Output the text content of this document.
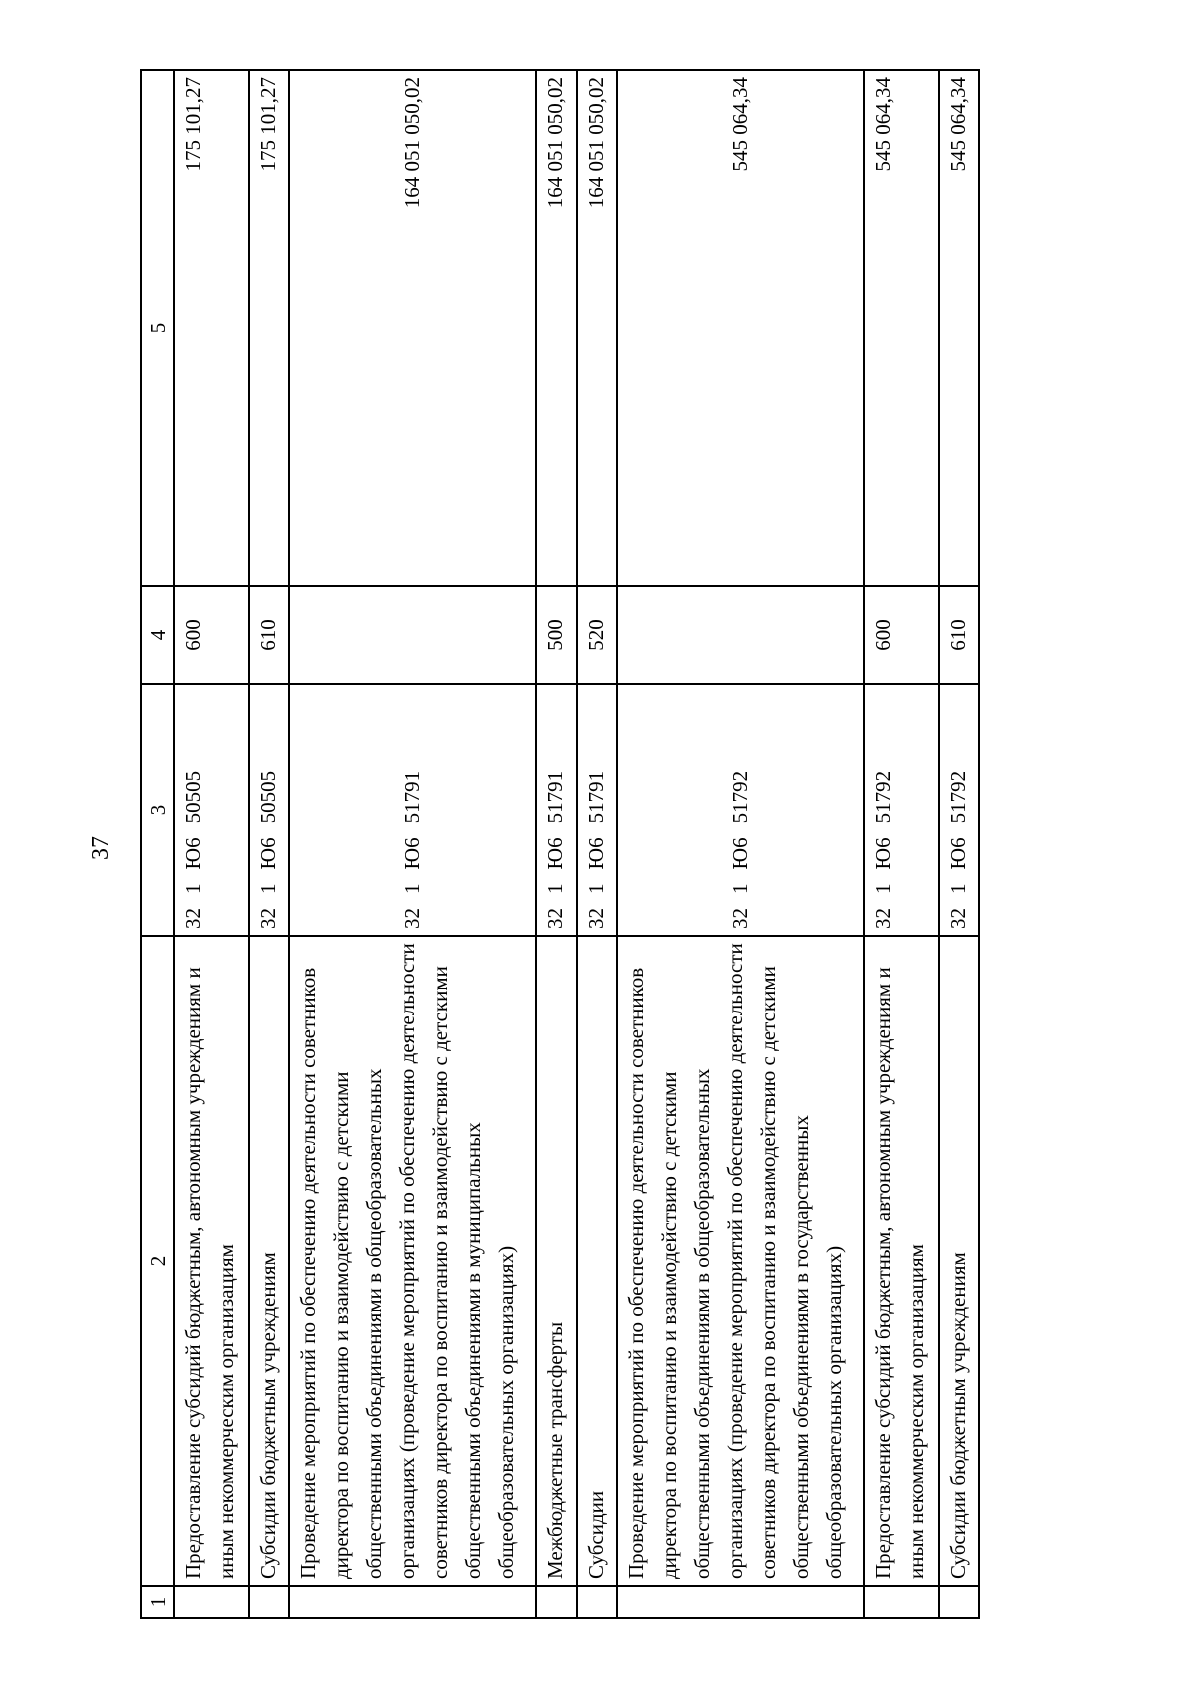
37
1	2	3	4	5
	Предоставление субсидий бюджетным, автономным учреждениям и иным некоммерческим организациям	321Ю650505	600	175 101,27
	Субсидии бюджетным учреждениям	321Ю650505	610	175 101,27
	Проведение мероприятий по обеспечению деятельности советников директора по воспитанию и взаимодействию с детскими общественными объединениями в общеобразовательных организациях (проведение мероприятий по обеспечению деятельности советников директора по воспитанию и взаимодействию с детскими общественными объединениями в муниципальных общеобразовательных организациях)	321Ю651791		164 051 050,02
	Межбюджетные трансферты	321Ю651791	500	164 051 050,02
	Субсидии	321Ю651791	520	164 051 050,02
	Проведение мероприятий по обеспечению деятельности советников директора по воспитанию и взаимодействию с детскими общественными объединениями в общеобразовательных организациях (проведение мероприятий по обеспечению деятельности советников директора по воспитанию и взаимодействию с детскими общественными объединениями в государственных общеобразовательных организациях)	321Ю651792		545 064,34
	Предоставление субсидий бюджетным, автономным учреждениям и иным некоммерческим организациям	321Ю651792	600	545 064,34
	Субсидии бюджетным учреждениям	321Ю651792	610	545 064,34
